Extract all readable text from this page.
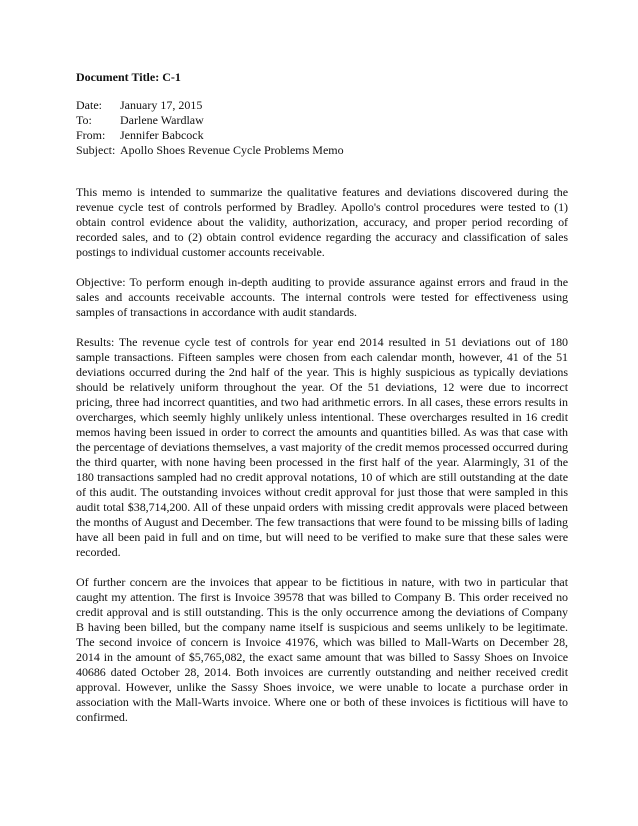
Document Title: C-1
Date:	January 17, 2015
To:	Darlene Wardlaw
From:	Jennifer Babcock
Subject: Apollo Shoes Revenue Cycle Problems Memo

This memo is intended to summarize the qualitative features and deviations discovered during the revenue cycle test of controls performed by Bradley. Apollo's control procedures were tested to (1) obtain control evidence about the validity, authorization, accuracy, and proper period recording of recorded sales, and to (2) obtain control evidence regarding the accuracy and classification of sales postings to individual customer accounts receivable.

Objective: To perform enough in-depth auditing to provide assurance against errors and fraud in the sales and accounts receivable accounts. The internal controls were tested for effectiveness using samples of transactions in accordance with audit standards.

Results: The revenue cycle test of controls for year end 2014 resulted in 51 deviations out of 180 sample transactions. Fifteen samples were chosen from each calendar month, however, 41 of the 51 deviations occurred during the 2nd half of the year. This is highly suspicious as typically deviations should be relatively uniform throughout the year. Of the 51 deviations, 12 were due to incorrect pricing, three had incorrect quantities, and two had arithmetic errors. In all cases, these errors results in overcharges, which seemly highly unlikely unless intentional. These overcharges resulted in 16 credit memos having been issued in order to correct the amounts and quantities billed. As was that case with the percentage of deviations themselves, a vast majority of the credit memos processed occurred during the third quarter, with none having been processed in the first half of the year. Alarmingly, 31 of the 180 transactions sampled had no credit approval notations, 10 of which are still outstanding at the date of this audit. The outstanding invoices without credit approval for just those that were sampled in this audit total $38,714,200. All of these unpaid orders with missing credit approvals were placed between the months of August and December. The few transactions that were found to be missing bills of lading have all been paid in full and on time, but will need to be verified to make sure that these sales were recorded.

Of further concern are the invoices that appear to be fictitious in nature, with two in particular that caught my attention. The first is Invoice 39578 that was billed to Company B. This order received no credit approval and is still outstanding. This is the only occurrence among the deviations of Company B having been billed, but the company name itself is suspicious and seems unlikely to be legitimate. The second invoice of concern is Invoice 41976, which was billed to Mall-Warts on December 28, 2014 in the amount of $5,765,082, the exact same amount that was billed to Sassy Shoes on Invoice 40686 dated October 28, 2014. Both invoices are currently outstanding and neither received credit approval. However, unlike the Sassy Shoes invoice, we were unable to locate a purchase order in association with the Mall-Warts invoice. Where one or both of these invoices is fictitious will have to confirmed.
